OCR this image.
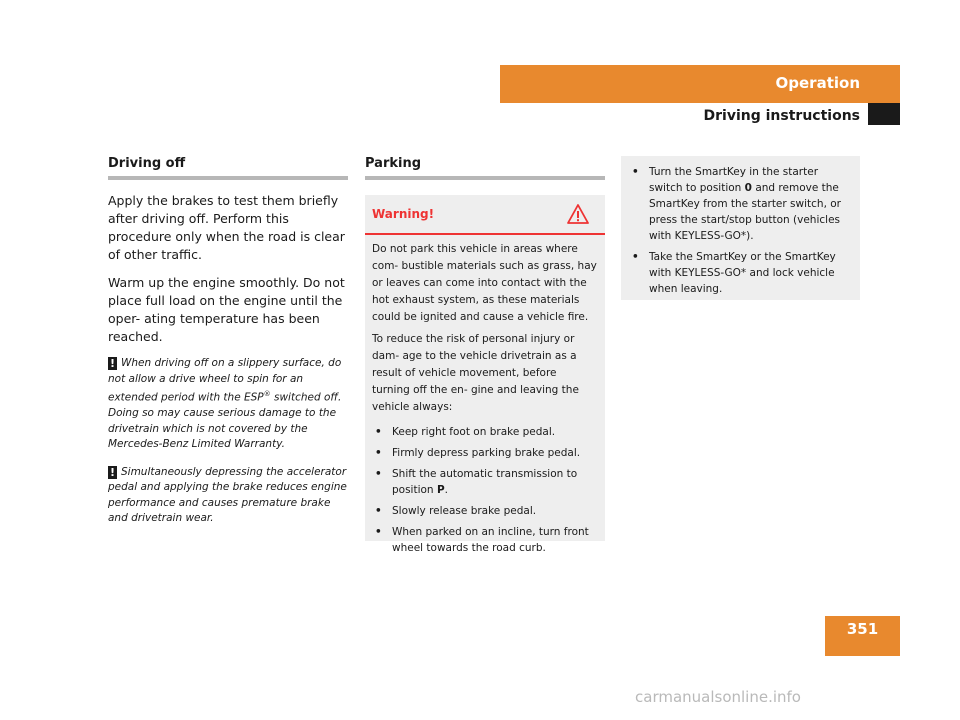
Operation
Driving instructions
Driving off

Apply the brakes to test them briefly after driving off. Perform this procedure only when the road is clear of other traffic.

Warm up the engine smoothly. Do not place full load on the engine until the oper- ating temperature has been reached.

! When driving off on a slippery surface, do not allow a drive wheel to spin for an extended period with the ESP® switched off. Doing so may cause serious damage to the drivetrain which is not covered by the Mercedes-Benz Limited Warranty.

! Simultaneously depressing the accelerator pedal and applying the brake reduces engine performance and causes premature brake and drivetrain wear.

Parking
Warning!

Do not park this vehicle in areas where com- bustible materials such as grass, hay or leaves can come into contact with the hot exhaust system, as these materials could be ignited and cause a vehicle fire.

To reduce the risk of personal injury or dam- age to the vehicle drivetrain as a result of vehicle movement, before turning off the en- gine and leaving the vehicle always:

• Keep right foot on brake pedal.
• Firmly depress parking brake pedal.
• Shift the automatic transmission to position P.
• Slowly release brake pedal.
• When parked on an incline, turn front wheel towards the road curb.
• Turn the SmartKey in the starter switch to position 0 and remove the SmartKey from the starter switch, or press the start/stop button (vehicles with KEYLESS-GO*).
• Take the SmartKey or the SmartKey with KEYLESS-GO* and lock vehicle when leaving.
351
carmanualsonline.info
